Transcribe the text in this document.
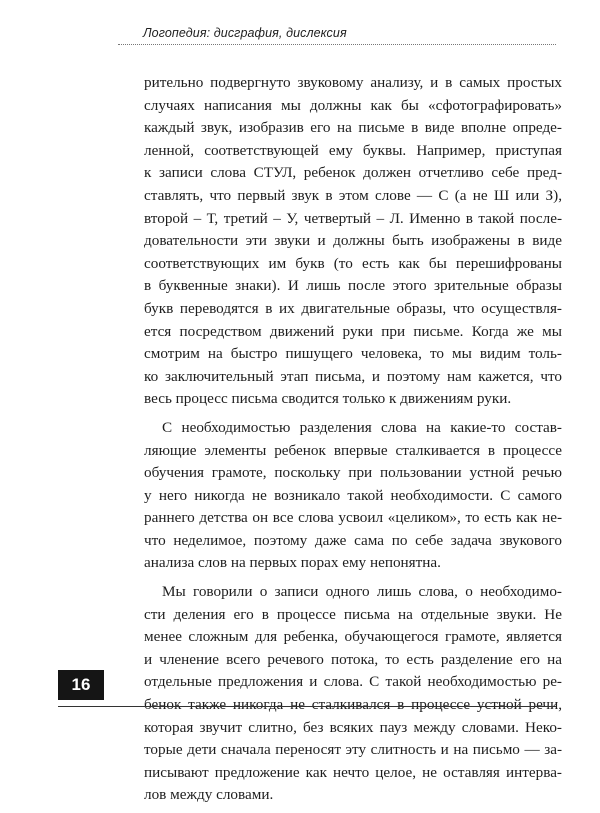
Логопедия: дисграфия, дислексия
рительно подвергнуто звуковому анализу, и в самых простых
случаях написания мы должны как бы «сфотографировать»
каждый звук, изобразив его на письме в виде вполне опреде-
ленной, соответствующей ему буквы. Например, приступая
к записи слова СТУЛ, ребенок должен отчетливо себе пред-
ставлять, что первый звук в этом слове — С (а не Ш или З),
второй – Т, третий – У, четвертый – Л. Именно в такой после-
довательности эти звуки и должны быть изображены в виде
соответствующих им букв (то есть как бы перешифрованы
в буквенные знаки). И лишь после этого зрительные образы
букв переводятся в их двигательные образы, что осуществля-
ется посредством движений руки при письме. Когда же мы
смотрим на быстро пишущего человека, то мы видим толь-
ко заключительный этап письма, и поэтому нам кажется, что
весь процесс письма сводится только к движениям руки.
С необходимостью разделения слова на какие-то состав-
ляющие элементы ребенок впервые сталкивается в процессе
обучения грамоте, поскольку при пользовании устной речью
у него никогда не возникало такой необходимости. С самого
раннего детства он все слова усвоил «целиком», то есть как не-
что неделимое, поэтому даже сама по себе задача звукового
анализа слов на первых порах ему непонятна.
Мы говорили о записи одного лишь слова, о необходимо-
сти деления его в процессе письма на отдельные звуки. Не
менее сложным для ребенка, обучающегося грамоте, является
и членение всего речевого потока, то есть разделение его на
отдельные предложения и слова. С такой необходимостью ре-
бенок также никогда не сталкивался в процессе устной речи,
которая звучит слитно, без всяких пауз между словами. Неко-
торые дети сначала переносят эту слитность и на письмо — за-
писывают предложение как нечто целое, не оставляя интерва-
лов между словами.
16
